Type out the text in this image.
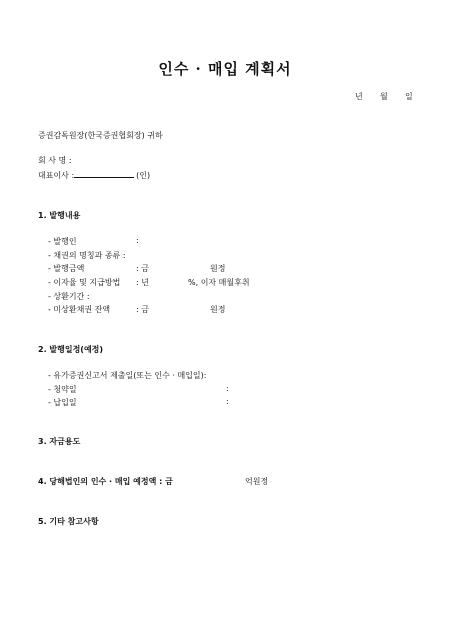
인수 · 매입 계획서
년 월 일
증권감독원장(한국증권협회장) 귀하
회 사 명 :
대표이사 :	(인)
1. 발행내용
- 발행인	:
- 채권의 명칭과 종류 :
- 발행금액	: 금	원정
- 이자율 및 지급방법 : 년	%, 이자 매월후취
- 상환기간 :
- 미상환채권 잔액	: 금	원정
2. 발행일정(예정)
- 유가증권신고서 제출일(또는 인수 · 매입일):
- 청약일	:
- 납입일	:
3. 자금용도
4. 당해법인의 인수 · 매입 예정액 : 금	억원정
5. 기타 참고사항
